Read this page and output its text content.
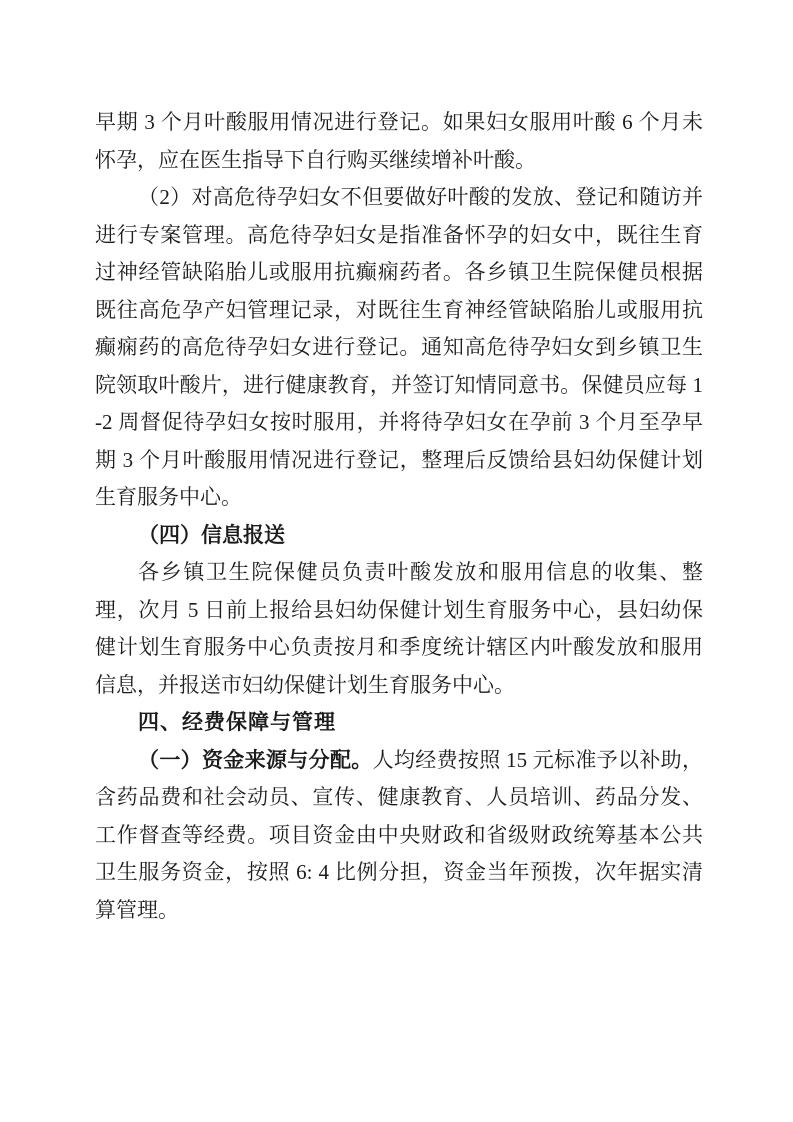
早期 3 个月叶酸服用情况进行登记。如果妇女服用叶酸 6 个月未怀孕，应在医生指导下自行购买继续增补叶酸。

（2）对高危待孕妇女不但要做好叶酸的发放、登记和随访并进行专案管理。高危待孕妇女是指准备怀孕的妇女中，既往生育过神经管缺陷胎儿或服用抗癫痫药者。各乡镇卫生院保健员根据既往高危孕产妇管理记录，对既往生育神经管缺陷胎儿或服用抗癫痫药的高危待孕妇女进行登记。通知高危待孕妇女到乡镇卫生院领取叶酸片，进行健康教育，并签订知情同意书。保健员应每 1-2 周督促待孕妇女按时服用，并将待孕妇女在孕前 3 个月至孕早期 3 个月叶酸服用情况进行登记，整理后反馈给县妇幼保健计划生育服务中心。

（四）信息报送

各乡镇卫生院保健员负责叶酸发放和服用信息的收集、整理，次月 5 日前上报给县妇幼保健计划生育服务中心，县妇幼保健计划生育服务中心负责按月和季度统计辖区内叶酸发放和服用信息，并报送市妇幼保健计划生育服务中心。

四、经费保障与管理

（一）资金来源与分配。人均经费按照 15 元标准予以补助，含药品费和社会动员、宣传、健康教育、人员培训、药品分发、工作督查等经费。项目资金由中央财政和省级财政统筹基本公共卫生服务资金，按照 6: 4 比例分担，资金当年预拨，次年据实清算管理。
